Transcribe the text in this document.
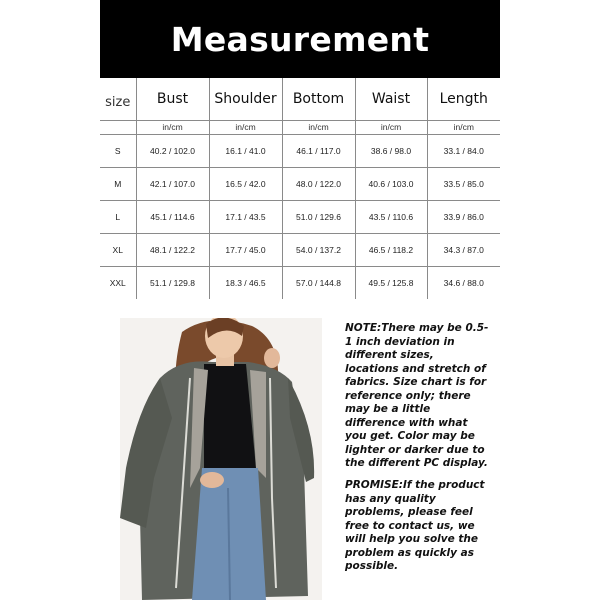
Measurement
size	Bust	Shoulder	Bottom	Waist	Length
	in/cm	in/cm	in/cm	in/cm	in/cm
S	40.2 / 102.0	16.1 / 41.0	46.1 / 117.0	38.6 / 98.0	33.1 / 84.0
M	42.1 / 107.0	16.5 / 42.0	48.0 / 122.0	40.6 / 103.0	33.5 / 85.0
L	45.1 / 114.6	17.1 / 43.5	51.0 / 129.6	43.5 / 110.6	33.9 / 86.0
XL	48.1 / 122.2	17.7 / 45.0	54.0 / 137.2	46.5 / 118.2	34.3 / 87.0
XXL	51.1 / 129.8	18.3 / 46.5	57.0 / 144.8	49.5 / 125.8	34.6 / 88.0

NOTE:There may be 0.5-1 inch deviation in different sizes, locations and stretch of fabrics. Size chart is for reference only; there may be a little difference with what you get. Color may be lighter or darker due to the different PC display.

PROMISE:If the product has any quality problems, please feel free to contact us, we will help you solve the problem as quickly as possible.
